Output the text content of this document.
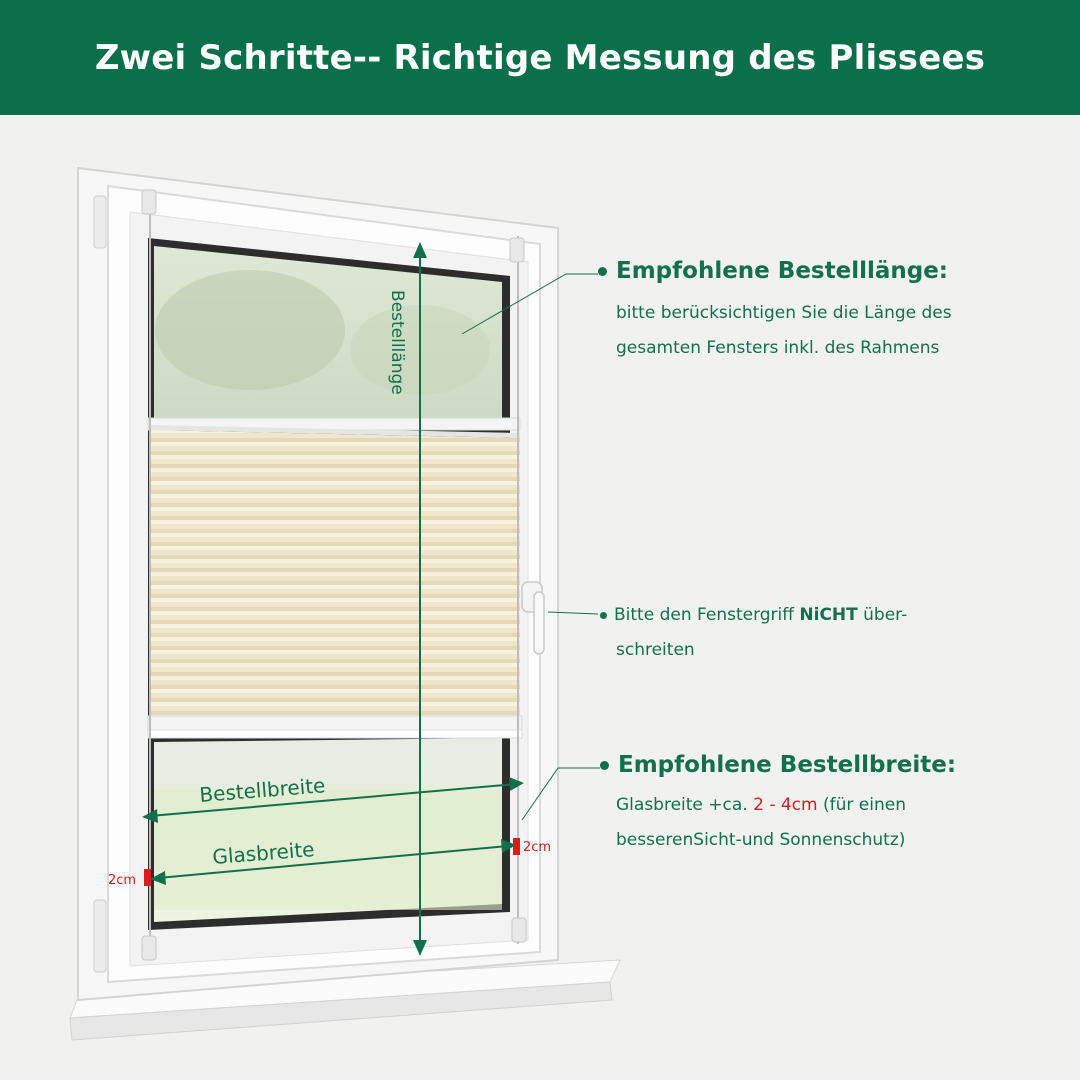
Zwei Schritte-- Richtige Messung des Plissees
Bestelllänge
Bestellbreite
Glasbreite
2cm
2cm
Empfohlene Bestelllänge:
bitte berücksichtigen Sie die Länge des
gesamten Fensters inkl. des Rahmens
Bitte den Fenstergriff NiCHT über-
schreiten
Empfohlene Bestellbreite:
Glasbreite +ca. 2 - 4cm (für einen
besserenSicht-und Sonnenschutz)
